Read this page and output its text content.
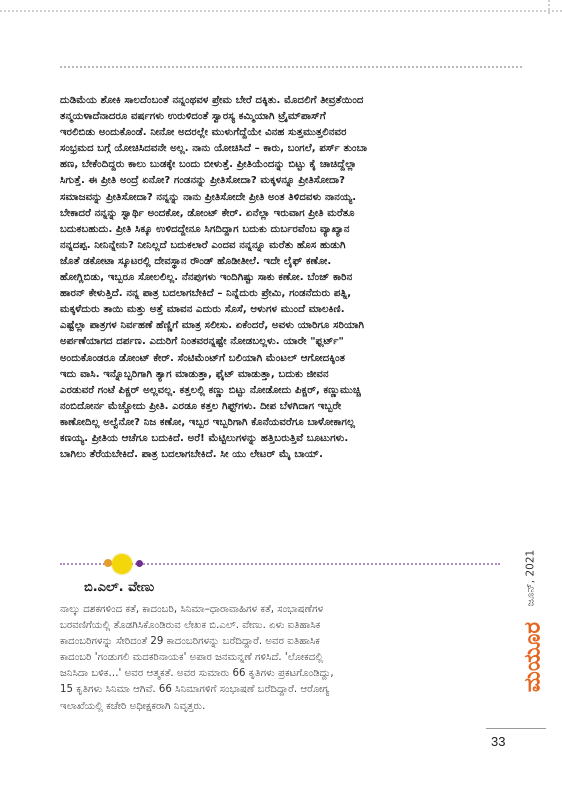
ದುಡಿಮೆಯ ಶೋಕಿ ಸಾಲದೆಂಬಂತೆ ನನ್ನಂಥವಳ ಪ್ರೇಮ ಬೇರೆ ದಕ್ಕಿತು. ಮೊದಲಿಗೆ ತೀವ್ರತೆಯಿಂದ
ತನ್ಮಯಳಾದೆನಾದರೂ ವರ್ಷಗಳು ಉರುಳಿದಂತೆ ಸ್ವಾರಸ್ಯ ಕಮ್ಮಿಯಾಗಿ ಟ್ರೈಮ್‌ಪಾಸ್‌ಗೆ
ಇರಲಿಬಿಡು ಅಂದುಕೊಂಡೆ. ನೀನೋ ಅದರಲ್ಲೇ ಮುಳುಗೆದ್ದೆಯೇ ವಿನಹ ಸುತ್ತಮುತ್ತಲಿನವರ
ಸಂಭ್ರಮದ ಬಗ್ಗೆ ಯೋಚಿಸಿದವನೇ ಅಲ್ಲ. ನಾನು ಯೋಚಿಸಿದೆ – ಕಾರು, ಬಂಗಲೆ, ಪರ್ಸ್ ತುಂಬಾ
ಹಣ, ಬೇಕೆಂದಿದ್ದರು ಕಾಲು ಬುಡಕ್ಕೇ ಬಂದು ಬೀಳುತ್ತೆ. ಪ್ರೀತಿಯೆಂದನ್ನು ಬಿಟ್ಟು ಕೈ ಚಾಚಿದ್ದೆಲ್ಲಾ
ಸಿಗುತ್ತೆ. ಈ ಪ್ರೀತಿ ಅಂದ್ರೆ ಏನೋ? ಗಂಡನನ್ನು ಪ್ರೀತಿಸೋದಾ? ಮಕ್ಕಳನ್ನೂ ಪ್ರೀತಿಸೋದಾ?
ಸಮಾಜವನ್ನು ಪ್ರೀತಿಸೋದಾ? ನನ್ನನ್ನು ನಾನು ಪ್ರೀತಿಸೋದೇ ಪ್ರೀತಿ ಅಂತ ತಿಳಿದವಳು ನಾನಯ್ಯ.
ಬೇಕಾದರೆ ನನ್ನನ್ನು ಸ್ವಾರ್ಥಿ ಅಂದಕೋ, ಡೋಂಟ್ ಕೇರ್. ಏನೆಲ್ಲಾ ಇರುವಾಗ ಪ್ರೀತಿ ಮರೆತೂ
ಬದುಕಬಹುದು. ಪ್ರೀತಿ ಸಿಕ್ಕೂ ಉಳಿದದ್ದೇನೂ ಸಿಗದಿದ್ದಾಗ ಬದುಕು ದುರ್ಬರವೆಂಬ ವ್ಯಾಖ್ಯಾನ
ನನ್ನದಪ್ಪ. ನೀನಿನ್ನೇನು? ನೀನಿಲ್ಲದೆ ಬದುಕಲಾರೆ ಎಂದವ ನನ್ನನ್ನೂ ಮರೆತು ಹೊಸ ಹುಡುಗಿ
ಜೊತೆ ಡಕೋಟಾ ಸ್ಕೂಟರಲ್ಲಿ ದೇವಸ್ಥಾನ ರೌಂಡ್ ಹೊಡೀತೀಲೆ. ಇದೇ ಲೈಫ್ ಕಣೋ.
ಹೋಗ್ಲಿಬಿಡು, ಇಬ್ಬರೂ ಸೋಲಲಿಲ್ಲ. ನೆನಪುಗಳು ಇಂದಿಗಿಷ್ಟು ಸಾಕು ಕಣೋ. ಬೆಂಜ್ ಕಾರಿನ
ಹಾರನ್ ಕೇಳುತ್ತಿದೆ. ನನ್ನ ಪಾತ್ರ ಬದಲಾಗಬೇಕಿದೆ – ನಿನ್ನೆದುರು ಪ್ರೇಮಿ, ಗಂಡನೆದುರು ಪತ್ನಿ,
ಮಕ್ಕಳೆದುರು ತಾಯಿ ಮತ್ತು ಅತ್ತೆ ಮಾವನ ಎದುರು ಸೊಸೆ, ಆಳುಗಳ ಮುಂದೆ ಮಾಲಕಿಣಿ.
ಎಷ್ಟೆಲ್ಲಾ ಪಾತ್ರಗಳ ನಿರ್ವಹಣೆ ಹೆಣ್ಣಿಗೆ ಮಾತ್ರ ಸಲೀಸು. ಏಕೆಂದರೆ, ಅವಳು ಯಾರಿಗೂ ಸರಿಯಾಗಿ
ಅರ್ಪಣೆಯಾಗದ ದರ್ಪಣ. ಎದುರಿಗೆ ನಿಂತವರನ್ನಷ್ಟೇ ನೋಡಬಲ್ಲಳು. ಯಾರೇ "ಫ್ಲರ್ಟ್"
ಅಂದುಕೊಂಡರೂ ಡೋಂಟ್ ಕೇರ್. ಸೆಂಟಿಮೆಂಟ್‌ಗೆ ಬಲಿಯಾಗಿ ಮೆಂಟಲ್ ಆಗೋದಕ್ಕಿಂತ
ಇದು ವಾಸಿ. ಇನ್ನೊಬ್ಬರಿಗಾಗಿ ತ್ಯಾಗ ಮಾಡುತ್ತಾ, ಫೈಟ್ ಮಾಡುತ್ತಾ, ಬದುಕು ಜೀವನ
ಎರಡುವರೆ ಗಂಟೆ ಪಿಕ್ಚರ್ ಅಲ್ಲವಲ್ಲ. ಕತ್ತಲಲ್ಲಿ ಕಣ್ಣು ಬಿಟ್ಟು ನೋಡೋದು ಪಿಕ್ಚರ್, ಕಣ್ಣುಮುಚ್ಚಿ
ನಂಬಿದೋರ್ನ ಮೆಚ್ಚೋದು ಪ್ರೀತಿ. ಎರಡೂ ಕತ್ತಲ ಗಿಫ್ಟ್‌ಗಳು. ದೀಪ ಬೆಳಗಿದಾಗ ಇಬ್ಬರೇ
ಕಾಣೋದಿಲ್ಲ ಅಲ್ವೆನೋ? ನಿಜ ಕಣೋ, ಇಬ್ಬರ ಇಬ್ಬರಿಗಾಗಿ ಕೊನೆಯವರೆಗೂ ಬಾಳೋಕಾಗಲ್ಲ
ಕಣಯ್ಯ. ಪ್ರೀತಿಯ ಆಚೆಗೂ ಬದುಕಿದೆ. ಅರೆ! ಮೆಟ್ಟಿಲುಗಳನ್ನು ಹತ್ತಿಬರುತ್ತಿವೆ ಬೂಟುಗಳು.
ಬಾಗಿಲು ತೆರೆಯಬೇಕಿದೆ. ಪಾತ್ರ ಬದಲಾಗಬೇಕಿದೆ. ಸೀ ಯು ಲೇಟರ್ ಮೈ ಬಾಯ್.

ಬಿ.ಎಲ್. ವೇಣು

ನಾಲ್ಕು ದಶಕಗಳಿಂದ ಕತೆ, ಕಾದಂಬರಿ, ಸಿನಿಮಾ–ಧಾರಾವಾಹಿಗಳ ಕತೆ, ಸಂಭಾಷಣೆಗಳ
ಬರವಣಿಗೆಯಲ್ಲಿ ತೊಡಗಿಸಿಕೊಂಡಿರುವ ಲೇಖಕ ಬಿ.ಎಲ್. ವೇಣು. ಏಳು ಐತಿಹಾಸಿಕ
ಕಾದಂಬರಿಗಳನ್ನು ಸೇರಿದಂತೆ 29 ಕಾದಂಬರಿಗಳನ್ನು ಬರೆದಿದ್ದಾರೆ. ಅವರ ಐತಿಹಾಸಿಕ
ಕಾದಂಬರಿ 'ಗಂಡುಗಲಿ ಮದಕರಿನಾಯಕ' ಅಪಾರ ಜನಮನ್ನಣೆ ಗಳಿಸಿದೆ. 'ಲೋಕದಲ್ಲಿ
ಜನಿಸಿದಾ ಬಳಿಕ…' ಅವರ ಆತ್ಮಕತೆ. ಅವರ ಸುಮಾರು 66 ಕೃತಿಗಳು ಪ್ರಕಟಗೊಂಡಿದ್ದು,
15 ಕೃತಿಗಳು ಸಿನಿಮಾ ಆಗಿವೆ. 66 ಸಿನಿಮಾಗಳಿಗೆ ಸಂಭಾಷಣೆ ಬರೆದಿದ್ದಾರೆ. ಆರೋಗ್ಯ
ಇಲಾಖೆಯಲ್ಲಿ ಕಚೇರಿ ಅಧೀಕ್ಷಕರಾಗಿ ನಿವೃತ್ತರು.
ಜೂನ್, 2021
ಮಯೂರ

33
